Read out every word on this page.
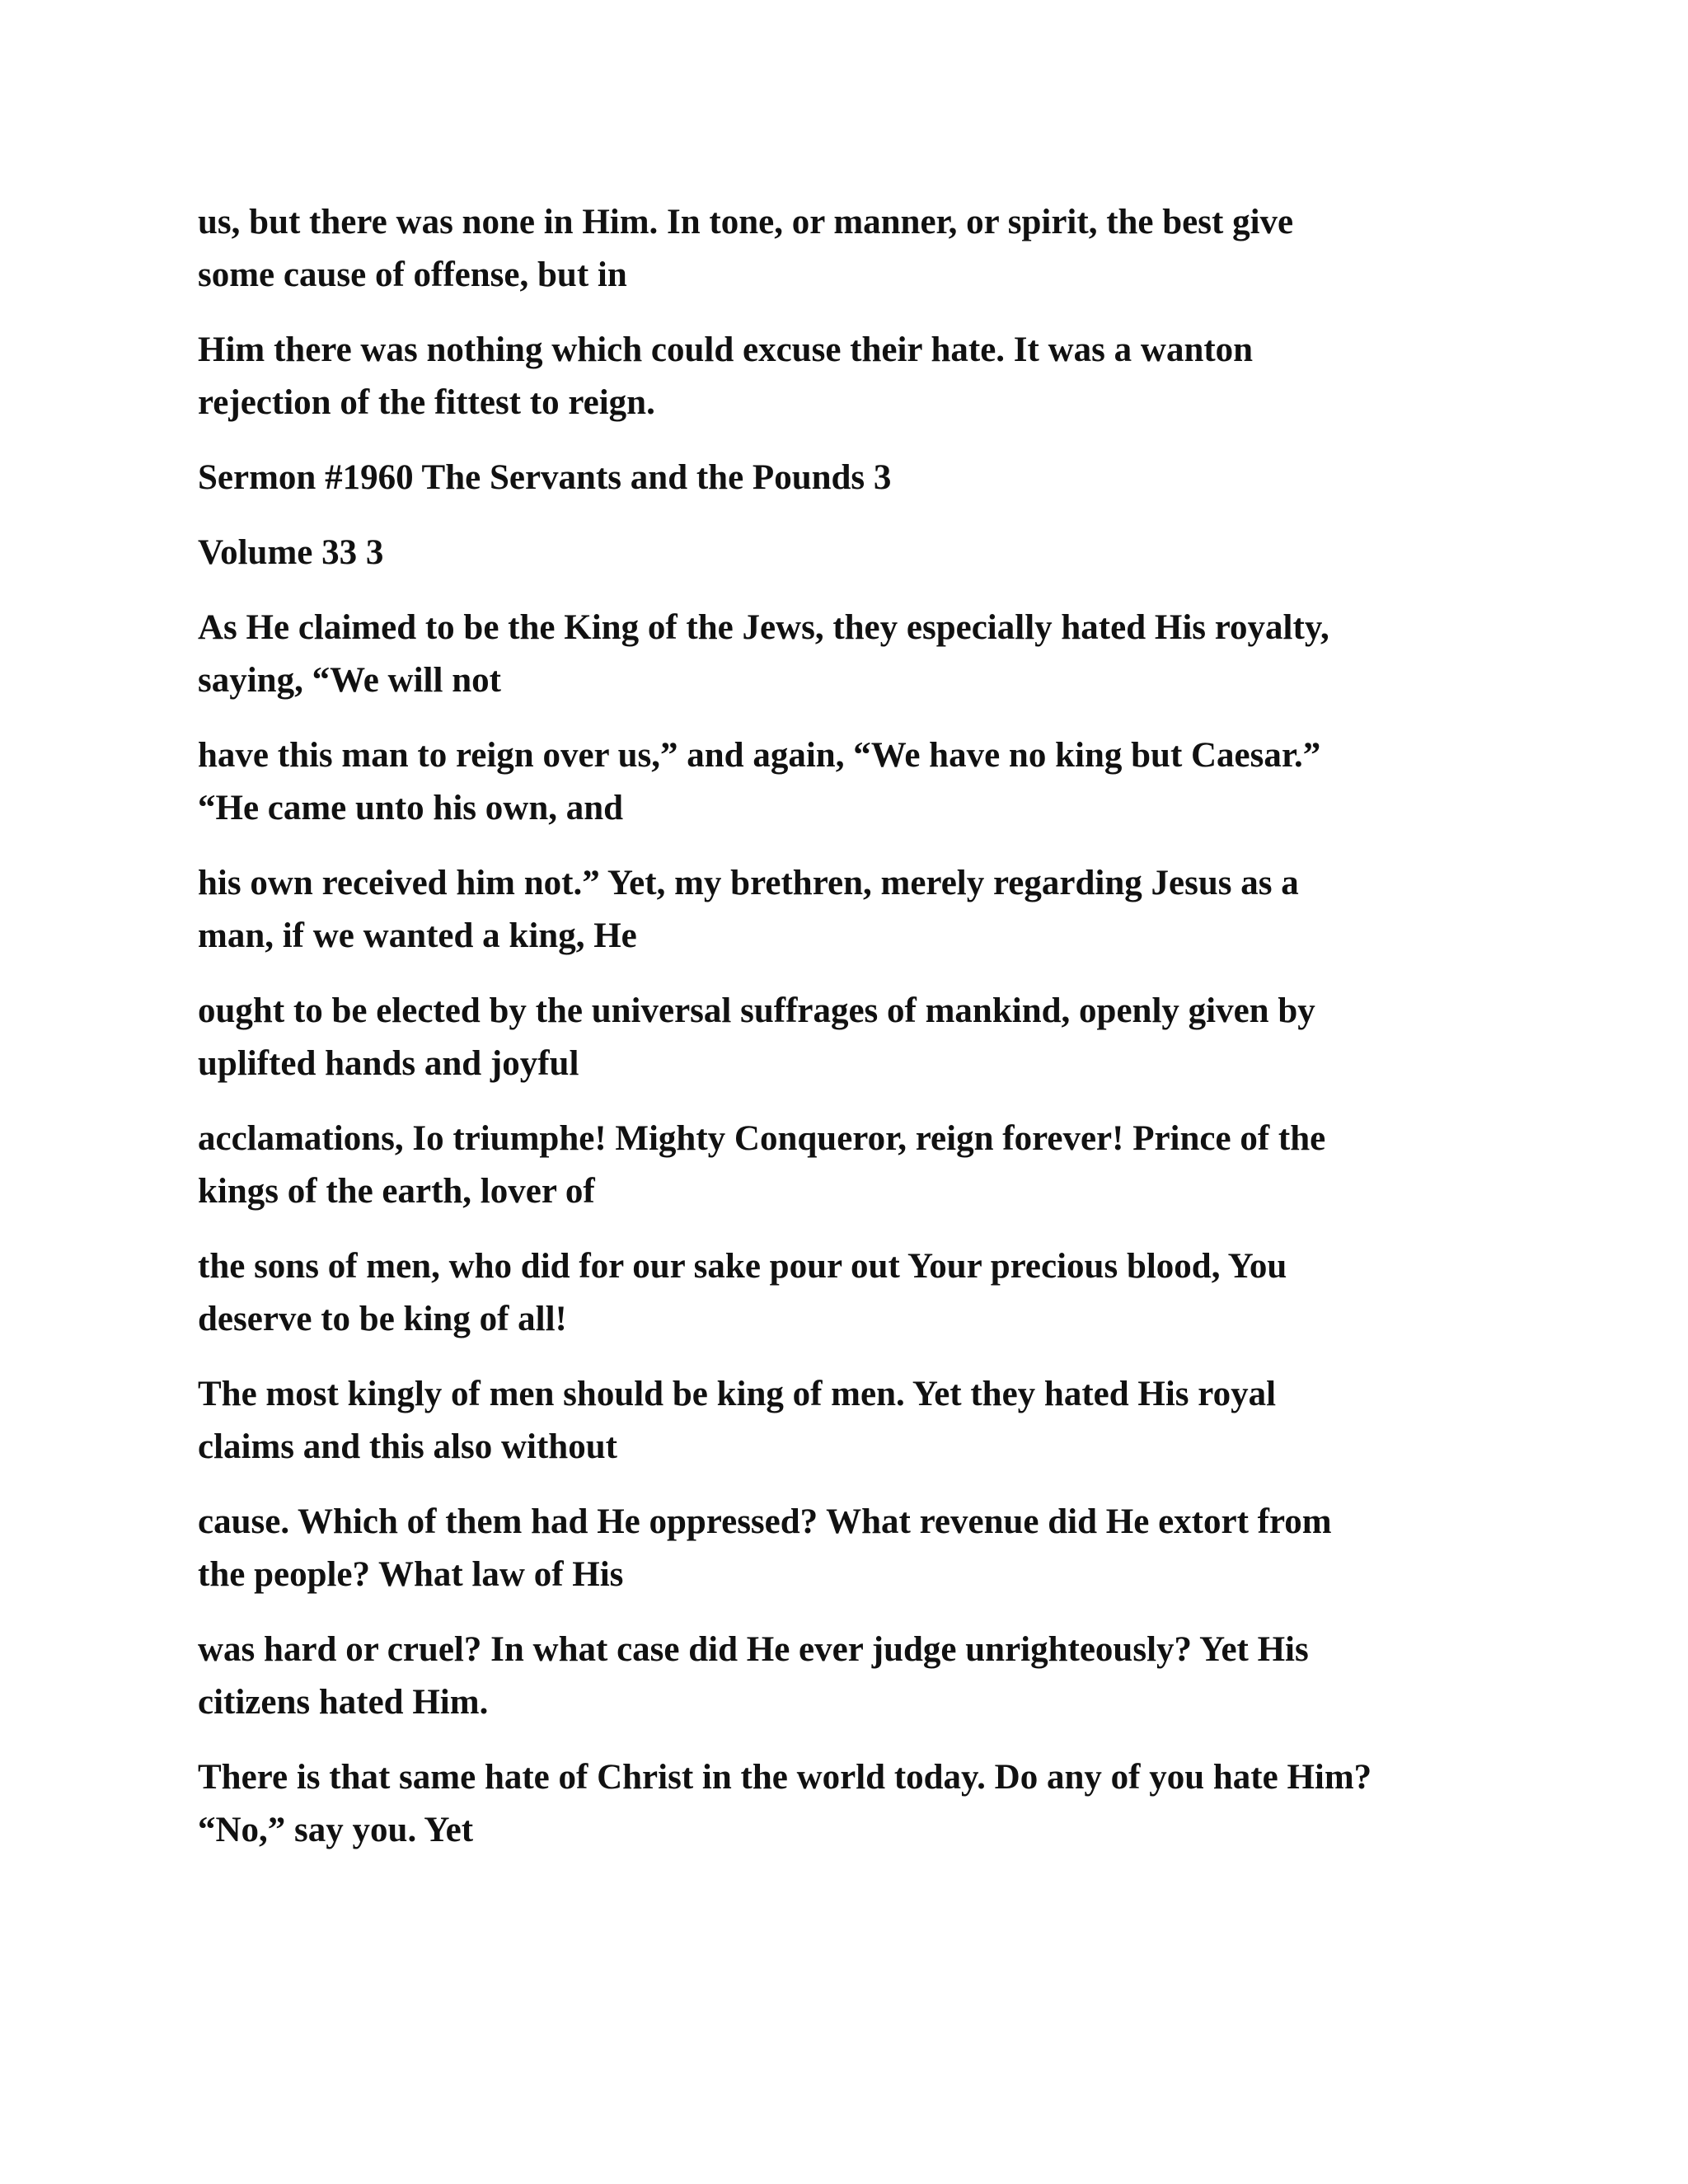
us, but there was none in Him. In tone, or manner, or spirit, the best give
some cause of offense, but in

Him there was nothing which could excuse their hate. It was a wanton
rejection of the fittest to reign.

Sermon #1960 The Servants and the Pounds 3

Volume 33 3

As He claimed to be the King of the Jews, they especially hated His royalty,
saying, “We will not

have this man to reign over us,” and again, “We have no king but Caesar.”
“He came unto his own, and

his own received him not.” Yet, my brethren, merely regarding Jesus as a
man, if we wanted a king, He

ought to be elected by the universal suffrages of mankind, openly given by
uplifted hands and joyful

acclamations, Io triumphe! Mighty Conqueror, reign forever! Prince of the
kings of the earth, lover of

the sons of men, who did for our sake pour out Your precious blood, You
deserve to be king of all!

The most kingly of men should be king of men. Yet they hated His royal
claims and this also without

cause. Which of them had He oppressed? What revenue did He extort from
the people? What law of His

was hard or cruel? In what case did He ever judge unrighteously? Yet His
citizens hated Him.

There is that same hate of Christ in the world today. Do any of you hate Him?
“No,” say you. Yet
